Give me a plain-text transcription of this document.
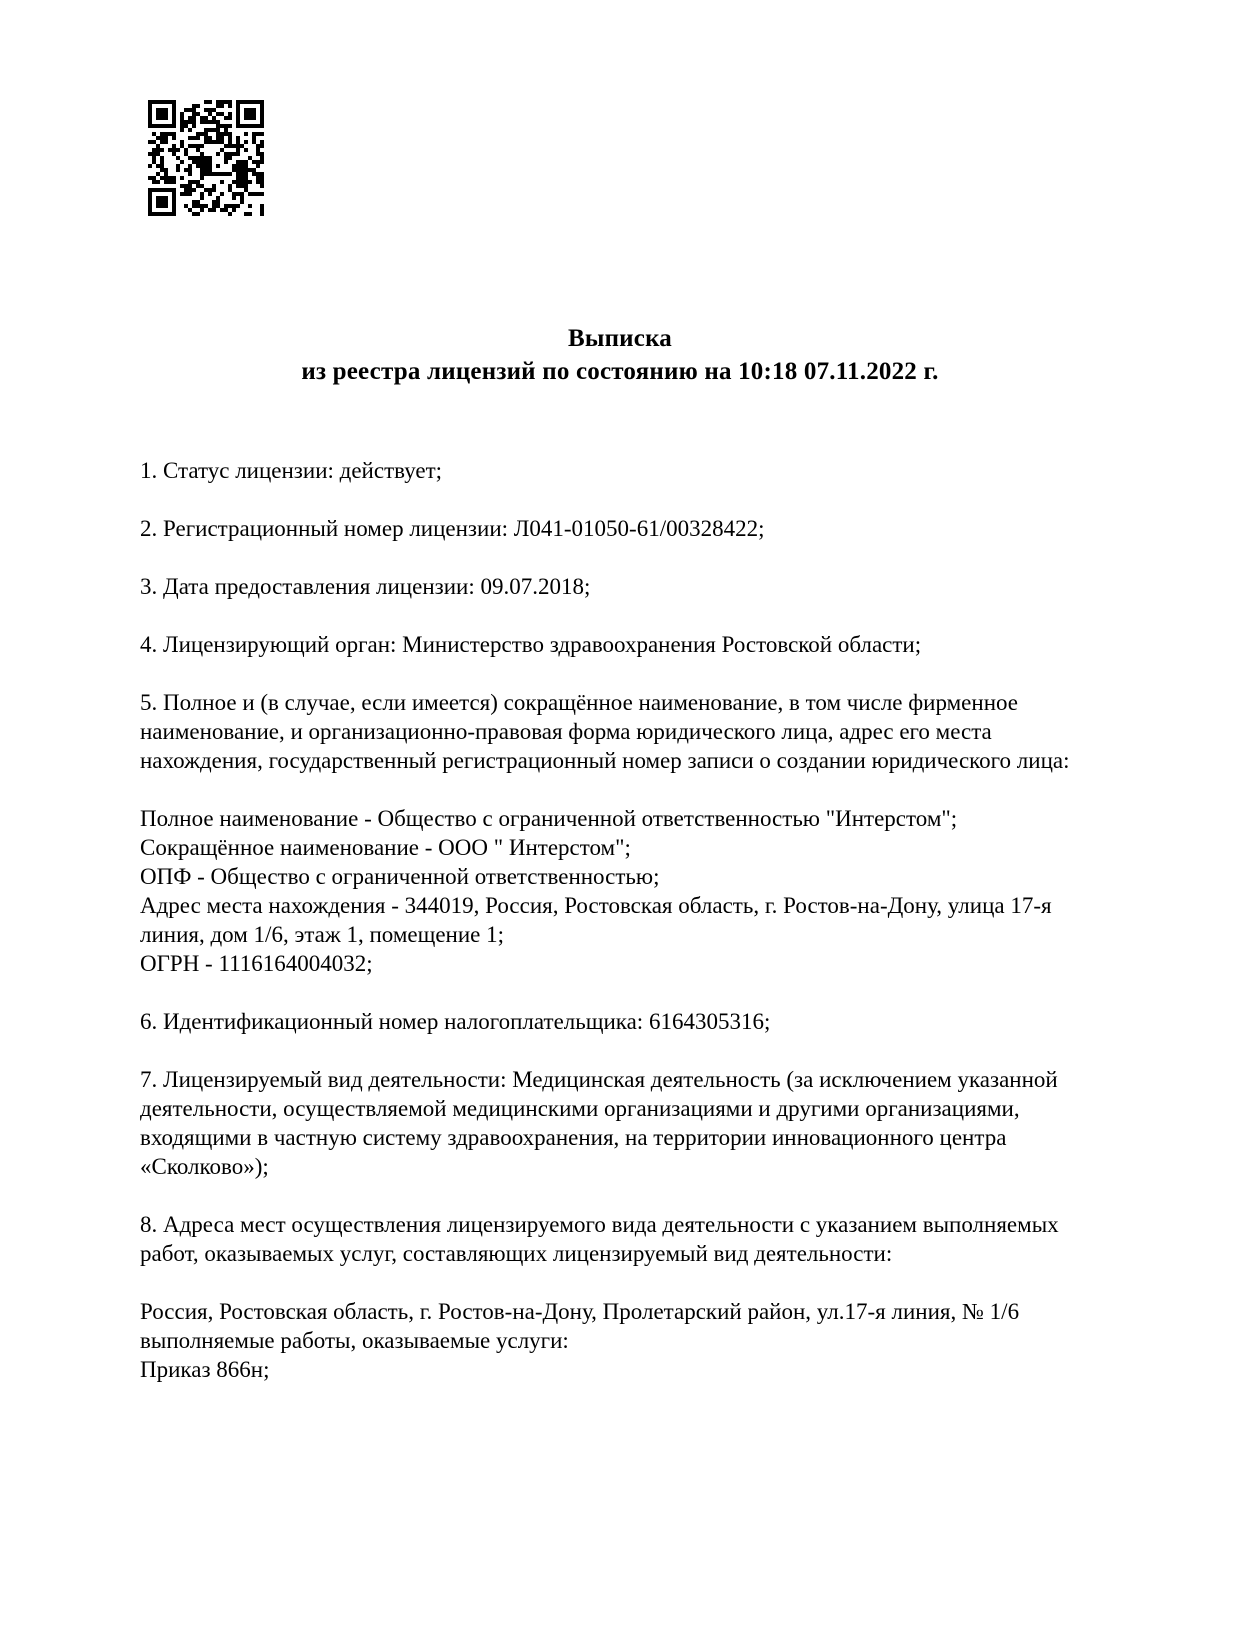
Выписка
из реестра лицензий по состоянию на 10:18 07.11.2022 г.

1. Статус лицензии: действует;

2. Регистрационный номер лицензии: Л041-01050-61/00328422;

3. Дата предоставления лицензии: 09.07.2018;

4. Лицензирующий орган: Министерство здравоохранения Ростовской области;

5. Полное и (в случае, если имеется) сокращённое наименование, в том числе фирменное наименование, и организационно-правовая форма юридического лица, адрес его места нахождения, государственный регистрационный номер записи о создании юридического лица:

Полное наименование - Общество с ограниченной ответственностью "Интерстом";

Сокращённое наименование - ООО " Интерстом";

ОПФ - Общество с ограниченной ответственностью;

Адрес места нахождения - 344019, Россия, Ростовская область, г. Ростов-на-Дону, улица 17-я линия, дом 1/6, этаж 1, помещение 1;

ОГРН - 1116164004032;

6. Идентификационный номер налогоплательщика: 6164305316;

7. Лицензируемый вид деятельности: Медицинская деятельность (за исключением указанной деятельности, осуществляемой медицинскими организациями и другими организациями, входящими в частную систему здравоохранения, на территории инновационного центра «Сколково»);

8. Адреса мест осуществления лицензируемого вида деятельности с указанием выполняемых работ, оказываемых услуг, составляющих лицензируемый вид деятельности:

Россия, Ростовская область, г. Ростов-на-Дону, Пролетарский район, ул.17-я линия, № 1/6

выполняемые работы, оказываемые услуги:

Приказ 866н;
